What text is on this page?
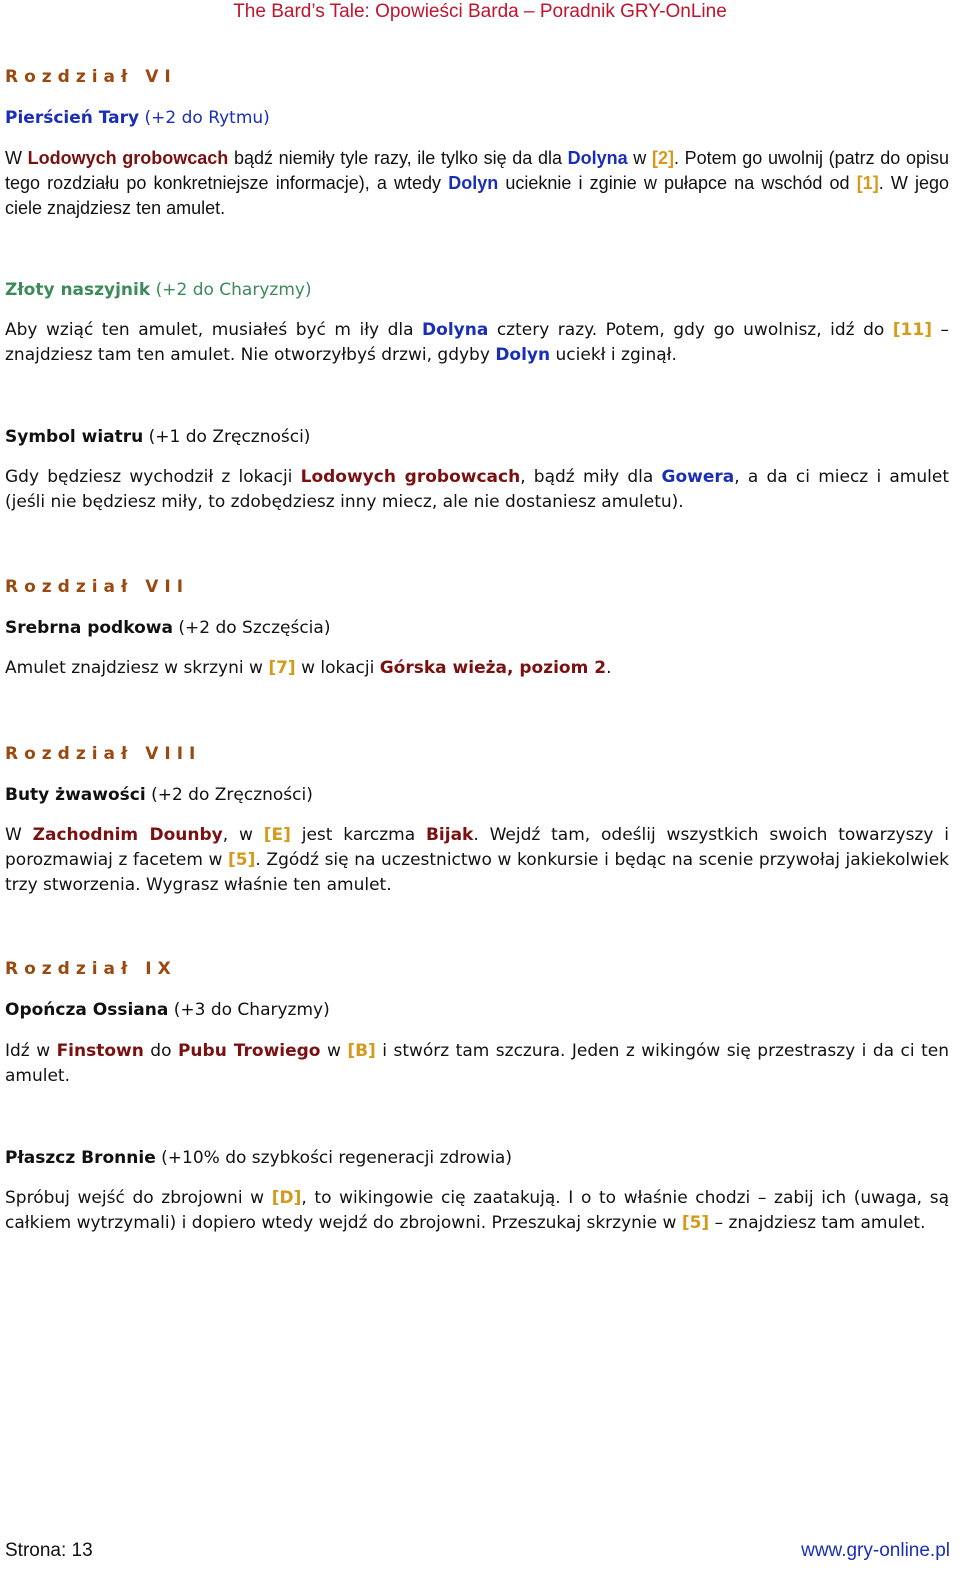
The Bard’s Tale: Opowieści Barda – Poradnik GRY-OnLine
Rozdział VI
Pierścień Tary (+2 do Rytmu)
W Lodowych grobowcach bądź niemiły tyle razy, ile tylko się da dla Dolyna w [2]. Potem go uwolnij (patrz do opisu tego rozdziału po konkretniejsze informacje), a wtedy Dolyn ucieknie i zginie w pułapce na wschód od [1]. W jego ciele znajdziesz ten amulet.
Złoty naszyjnik (+2 do Charyzmy)
Aby wziąć ten amulet, musiałeś być m iły dla Dolyna cztery razy. Potem, gdy go uwolnisz, idź do [11] – znajdziesz tam ten amulet. Nie otworzyłbyś drzwi, gdyby Dolyn uciekł i zginął.
Symbol wiatru (+1 do Zręczności)
Gdy będziesz wychodził z lokacji Lodowych grobowcach, bądź miły dla Gowera, a da ci miecz i amulet (jeśli nie będziesz miły, to zdobędziesz inny miecz, ale nie dostaniesz amuletu).
Rozdział VII
Srebrna podkowa (+2 do Szczęścia)
Amulet znajdziesz w skrzyni w [7] w lokacji Górska wieża, poziom 2.
Rozdział VIII
Buty żwawości (+2 do Zręczności)
W Zachodnim Dounby, w [E] jest karczma Bijak. Wejdź tam, odeślij wszystkich swoich towarzyszy i porozmawiaj z facetem w [5]. Zgódź się na uczestnictwo w konkursie i będąc na scenie przywołaj jakiekolwiek trzy stworzenia. Wygrasz właśnie ten amulet.
Rozdział IX
Opończa Ossiana (+3 do Charyzmy)
Idź w Finstown do Pubu Trowiego w [B] i stwórz tam szczura. Jeden z wikingów się przestraszy i da ci ten amulet.
Płaszcz Bronnie (+10% do szybkości regeneracji zdrowia)
Spróbuj wejść do zbrojowni w [D], to wikingowie cię zaatakują. I o to właśnie chodzi – zabij ich (uwaga, są całkiem wytrzymali) i dopiero wtedy wejdź do zbrojowni. Przeszukaj skrzynie w [5] – znajdziesz tam amulet.
Strona: 13	www.gry-online.pl
